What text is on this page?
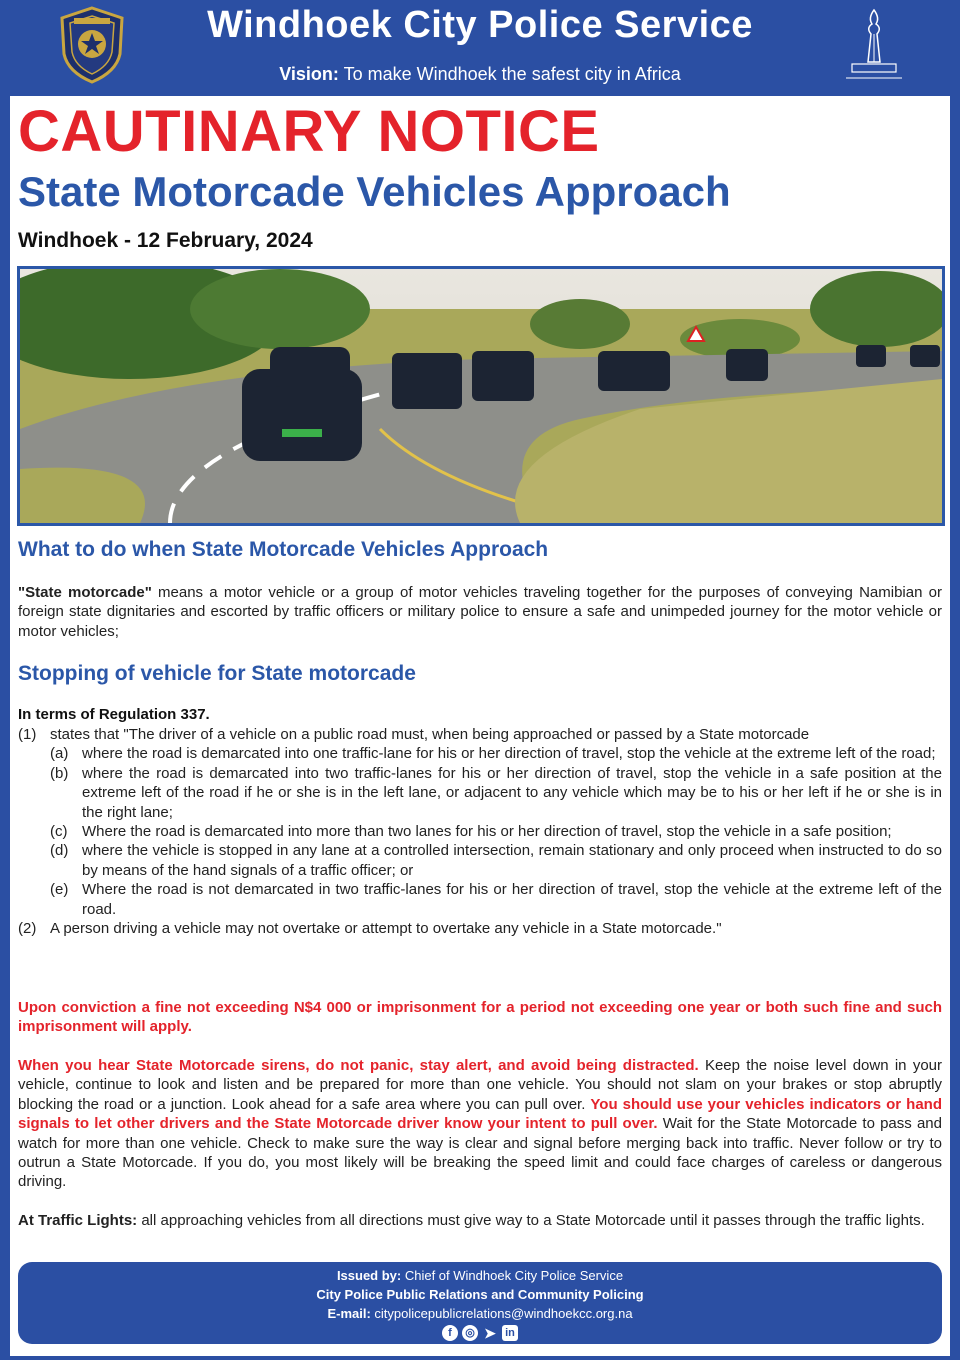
Windhoek City Police Service
Vision: To make Windhoek the safest city in Africa
CAUTINARY NOTICE
State Motorcade Vehicles Approach
Windhoek - 12 February, 2024
What to do when State Motorcade Vehicles Approach
"State motorcade" means a motor vehicle or a group of motor vehicles traveling together for the purposes of conveying Namibian or foreign state dignitaries and escorted by traffic officers or military police to ensure a safe and unimpeded journey for the motor vehicle or motor vehicles;
Stopping of vehicle for State motorcade
In terms of Regulation 337.
(1) states that "The driver of a vehicle on a public road must, when being approached or passed by a State motorcade
(a) where the road is demarcated into one traffic-lane for his or her direction of travel, stop the vehicle at the extreme left of the road;
(b) where the road is demarcated into two traffic-lanes for his or her direction of travel, stop the vehicle in a safe position at the extreme left of the road if he or she is in the left lane, or adjacent to any vehicle which may be to his or her left if he or she is in the right lane;
(c) Where the road is demarcated into more than two lanes for his or her direction of travel, stop the vehicle in a safe position;
(d) where the vehicle is stopped in any lane at a controlled intersection, remain stationary and only proceed when instructed to do so by means of the hand signals of a traffic officer; or
(e) Where the road is not demarcated in two traffic-lanes for his or her direction of travel, stop the vehicle at the extreme left of the road.
(2) A person driving a vehicle may not overtake or attempt to overtake any vehicle in a State motorcade."
Upon conviction a fine not exceeding N$4 000 or imprisonment for a period not exceeding one year or both such fine and such imprisonment will apply.
When you hear State Motorcade sirens, do not panic, stay alert, and avoid being distracted. Keep the noise level down in your vehicle, continue to look and listen and be prepared for more than one vehicle. You should not slam on your brakes or stop abruptly blocking the road or a junction. Look ahead for a safe area where you can pull over. You should use your vehicles indicators or hand signals to let other drivers and the State Motorcade driver know your intent to pull over. Wait for the State Motorcade to pass and watch for more than one vehicle. Check to make sure the way is clear and signal before merging back into traffic. Never follow or try to outrun a State Motorcade. If you do, you most likely will be breaking the speed limit and could face charges of careless or dangerous driving.
At Traffic Lights: all approaching vehicles from all directions must give way to a State Motorcade until it passes through the traffic lights.
Issued by: Chief of Windhoek City Police Service
City Police Public Relations and Community Policing
E-mail: citypolicepublicrelations@windhoekcc.org.na
f	◎ ➤ in
